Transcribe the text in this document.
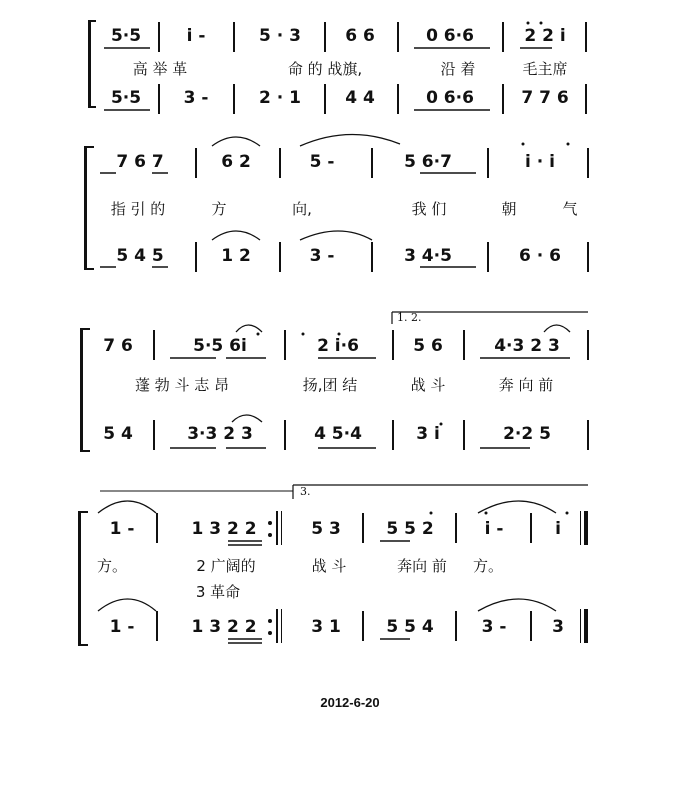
5·5	i -	5 · 3	6 6	0 6·6	2 2 i
高 举 革	命 的 战旗,	沿 着	毛主席
5·5	3 -	2 · 1	4 4	0 6·6	7 7 6
7 6 7	6 2	5 -	5 6·7	i · i
指 引 的	方	向,	我 们	朝	气
5 4 5	1 2	3 -	3 4·5	6 · 6
1. 2.
7 6	5·5 6i	2 i·6	5 6	4·3 2 3
蓬 勃 斗 志 昂	扬,团 结	战 斗	奔 向 前
5 4	3·3 2 3	4 5·4	3 i	2·2 5
3.
1 -	1 3 2 2	5 3	5 5 2	i -	i
方。	2 广阔的	战 斗	奔向 前 方。
3 革命
1 -	1 3 2 2	3 1	5 5 4	3 -	3
2012-6-20
